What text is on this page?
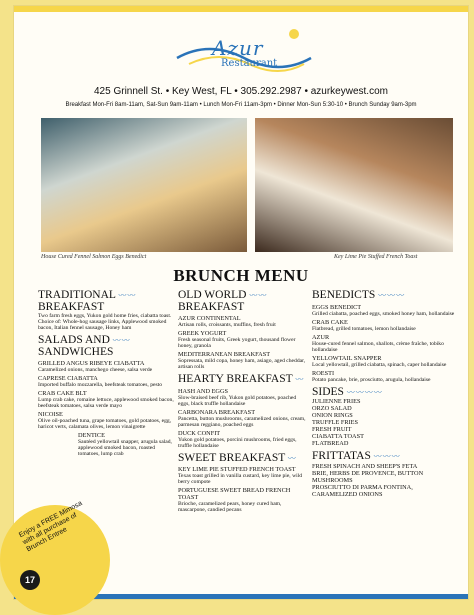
Azur
Restaurant
425 Grinnell St. • Key West, FL • 305.292.2987 • azurkeywest.com
Breakfast Mon-Fri 8am-11am, Sat-Sun 9am-11am • Lunch Mon-Fri 11am-3pm • Dinner Mon-Sun 5:30-10 • Brunch Sunday 9am-3pm
House Cured Fennel Salmon Eggs Benedict	Key Lime Pie Stuffed French Toast
BRUNCH MENU
TRADITIONAL 〰〰
BREAKFAST
Two farm fresh eggs, Yukon gold home fries, ciabatta toast. Choice of: Whole-hog sausage links, Applewood smoked bacon, Italian fennel sausage, Honey ham
SALADS AND 〰〰
SANDWICHES
GRILLED ANGUS RIBEYE CIABATTA
Caramelized onions, manchego cheese, salsa verde
CAPRESE CIABATTA
Imported buffalo mozzarella, beefsteak tomatoes, pesto
CRAB CAKE BLT
Lump crab cake, romaine lettuce, applewood smoked bacon, beefsteak tomatoes, salsa verde mayo
NICOISE
Olive oil-poached tuna, grape tomatoes, gold potatoes, egg, haricot verts, calamata olives, lemon vinaigrette
DENTICE
Sautéed yellowtail snapper, arugula salad, applewood smoked bacon, roasted tomatoes, lump crab
OLD WORLD 〰〰
BREAKFAST
AZUR CONTINENTAL
Artisan rolls, croissants, muffins, fresh fruit
GREEK YOGURT
Fresh seasonal fruits, Greek yogurt, thousand flower honey, granola
MEDITERRANEAN BREAKFAST
Sopressata, mild copa, honey ham, asiago, aged cheddar, artisan rolls
HEARTY BREAKFAST 〰
HASH AND EGGS
Slow-braised beef rib, Yukon gold potatoes, poached eggs, black truffle hollandaise
CARBONARA BREAKFAST
Pancetta, button mushrooms, caramelized onions, cream, parmesan reggiano, poached eggs
DUCK CONFIT
Yukon gold potatoes, porcini mushrooms, fried eggs, truffle hollandaise
SWEET BREAKFAST 〰
KEY LIME PIE STUFFED FRENCH TOAST
Texas toast grilled in vanilla custard, key lime pie, wild berry compote
PORTUGUESE SWEET BREAD FRENCH TOAST
Brioche, caramelized pears, honey cured ham, mascarpone, candied pecans
BENEDICTS 〰〰〰
EGGS BENEDICT
Grilled ciabatta, poached eggs, smoked honey ham, hollandaise
CRAB CAKE
Flatbread, grilled tomatoes, lemon hollandaise
AZUR
House-cured fennel salmon, shallots, crème fraîche, tobiko hollandaise
YELLOWTAIL SNAPPER
Local yellowtail, grilled ciabatta, spinach, caper hollandaise
ROESTI
Potato pancake, brie, prosciutto, arugula, hollandaise
SIDES 〰〰〰〰
JULIENNE FRIES
ORZO SALAD
ONION RINGS
TRUFFLE FRIES
FRESH FRUIT
CIABATTA TOAST
FLATBREAD
FRITTATAS 〰〰〰
FRESH SPINACH AND SHEEP'S FETA
BRIE, HERBS DE PROVENCE, BUTTON MUSHROOMS
PROSCIUTTO DI PARMA FONTINA, CARAMELIZED ONIONS
Enjoy a FREE Mimosa with all purchase of Brunch Entree
17
